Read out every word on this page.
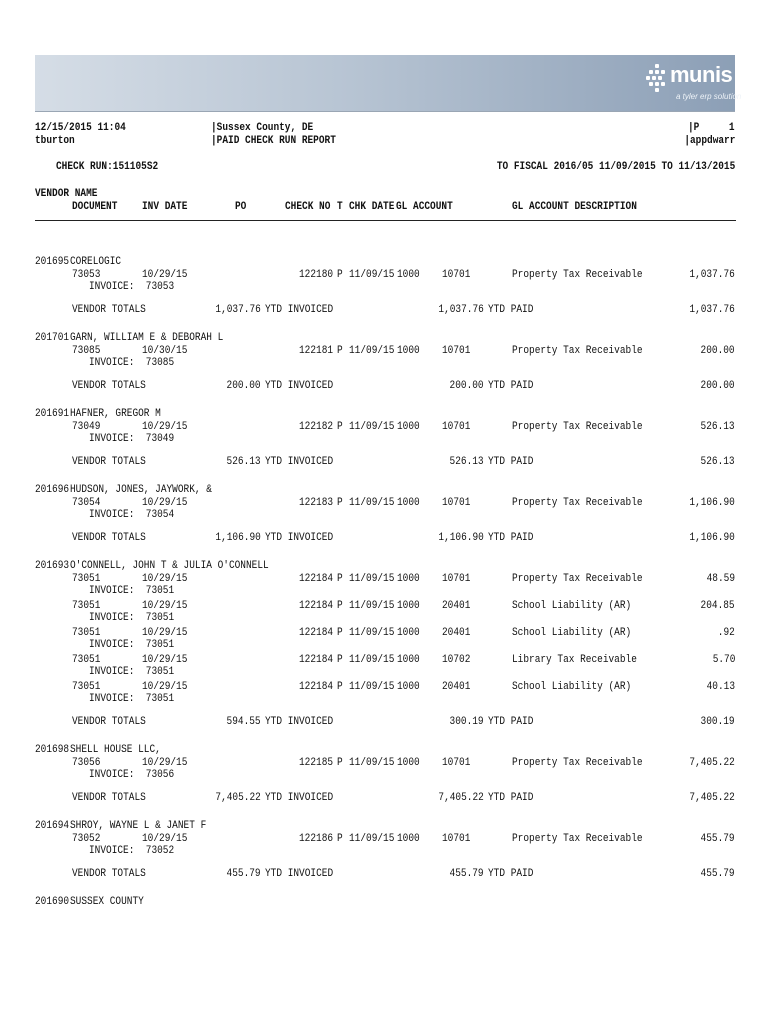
munis
a tyler erp solution
12/15/2015 11:04
tburton
|Sussex County, DE
|PAID CHECK RUN REPORT
|P	1
|appdwarr
CHECK RUN:151105S2	TO FISCAL 2016/05 11/09/2015 TO 11/13/2015
VENDOR NAME
DOCUMENT INV DATE	PO	CHECK NO T CHK DATE GL ACCOUNT	GL ACCOUNT DESCRIPTION
201695 CORELOGIC
73053	10/29/15	122180 P 11/09/15 1000 10701	Property Tax Receivable	1,037.76
INVOICE:  73053
VENDOR TOTALS	1,037.76 YTD INVOICED	1,037.76 YTD PAID	1,037.76
201701 GARN, WILLIAM E & DEBORAH L
73085	10/30/15	122181 P 11/09/15 1000 10701	Property Tax Receivable	200.00
INVOICE:  73085
VENDOR TOTALS	200.00 YTD INVOICED	200.00 YTD PAID	200.00
201691 HAFNER, GREGOR M
73049	10/29/15	122182 P 11/09/15 1000 10701	Property Tax Receivable	526.13
INVOICE:  73049
VENDOR TOTALS	526.13 YTD INVOICED	526.13 YTD PAID	526.13
201696 HUDSON, JONES, JAYWORK, &
73054	10/29/15	122183 P 11/09/15 1000 10701	Property Tax Receivable	1,106.90
INVOICE:  73054
VENDOR TOTALS	1,106.90 YTD INVOICED	1,106.90 YTD PAID	1,106.90
201693 O'CONNELL, JOHN T & JULIA O'CONNELL
73051	10/29/15	122184 P 11/09/15 1000 10701	Property Tax Receivable	48.59
INVOICE:  73051
73051	10/29/15	122184 P 11/09/15 1000 20401	School Liability (AR)	204.85
INVOICE:  73051
73051	10/29/15	122184 P 11/09/15 1000 20401	School Liability (AR)	.92
INVOICE:  73051
73051	10/29/15	122184 P 11/09/15 1000 10702	Library Tax Receivable	5.70
INVOICE:  73051
73051	10/29/15	122184 P 11/09/15 1000 20401	School Liability (AR)	40.13
INVOICE:  73051
VENDOR TOTALS	594.55 YTD INVOICED	300.19 YTD PAID	300.19
201698 SHELL HOUSE LLC,
73056	10/29/15	122185 P 11/09/15 1000 10701	Property Tax Receivable	7,405.22
INVOICE:  73056
VENDOR TOTALS	7,405.22 YTD INVOICED	7,405.22 YTD PAID	7,405.22
201694 SHROY, WAYNE L & JANET F
73052	10/29/15	122186 P 11/09/15 1000 10701	Property Tax Receivable	455.79
INVOICE:  73052
VENDOR TOTALS	455.79 YTD INVOICED	455.79 YTD PAID	455.79
201690 SUSSEX COUNTY
